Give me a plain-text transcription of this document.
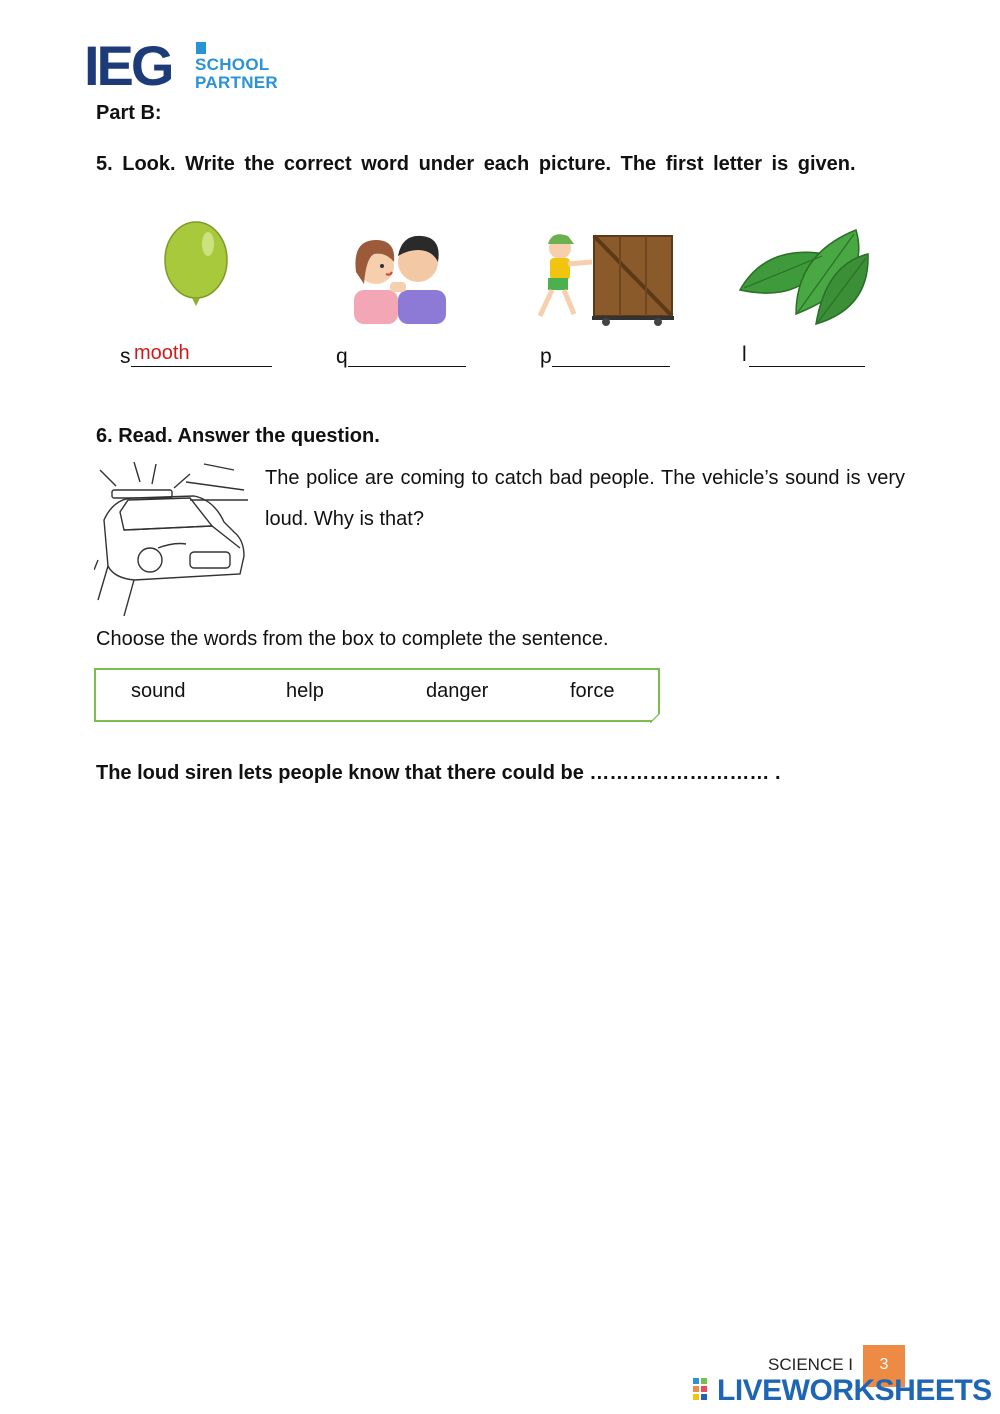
IEG SCHOOL
PARTNER
Part B:
5. Look. Write the correct word under each picture. The first letter is given.
s mooth	q	p	l
6. Read. Answer the question.
The police are coming to catch bad people. The vehicle’s sound is very loud. Why is that?
Choose the words from the box to complete the sentence.
sound	help	danger	force
The loud siren lets people know that there could be ……………………… .
SCIENCE I	3
LIVEWORKSHEETS
